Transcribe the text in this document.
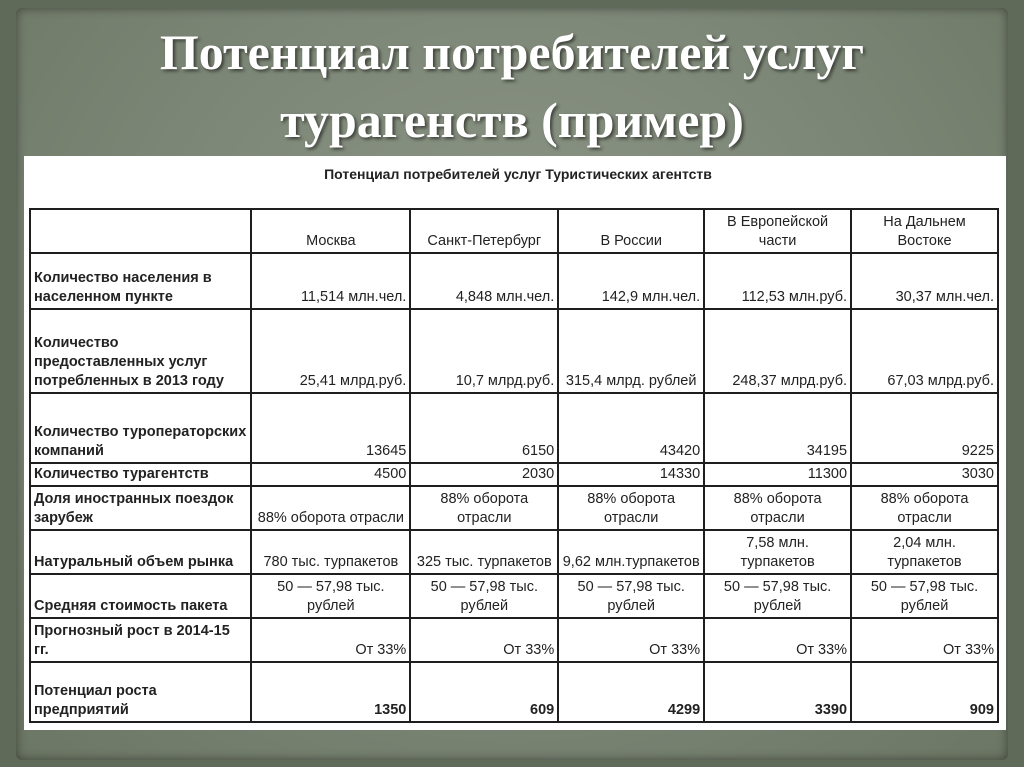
Потенциал потребителей услуг
турагенств (пример)
Потенциал потребителей услуг Туристических агентств
	Москва	Санкт-Петербург	В России	В Европейской части	На Дальнем Востоке
Количество населения в населенном пункте	11,514 млн.чел.	4,848 млн.чел.	142,9 млн.чел.	112,53 млн.руб.	30,37 млн.чел.
Количество предоставленных услуг потребленных в 2013 году	25,41 млрд.руб.	10,7 млрд.руб.	315,4 млрд. рублей	248,37 млрд.руб.	67,03 млрд.руб.
Количество туроператорских компаний	13645	6150	43420	34195	9225
Количество турагентств	4500	2030	14330	11300	3030
Доля иностранных поездок зарубеж	88% оборота отрасли	88% оборота отрасли	88% оборота отрасли	88% оборота отрасли	88% оборота отрасли
Натуральный объем рынка	780 тыс. турпакетов	325 тыс. турпакетов	9,62 млн.турпакетов	7,58 млн. турпакетов	2,04 млн. турпакетов
Средняя стоимость пакета	50 — 57,98 тыс. рублей	50 — 57,98 тыс. рублей	50 — 57,98 тыс. рублей	50 — 57,98 тыс. рублей	50 — 57,98 тыс. рублей
Прогнозный рост в 2014-15 гг.	От 33%	От 33%	От 33%	От 33%	От 33%
Потенциал роста предприятий	1350	609	4299	3390	909
